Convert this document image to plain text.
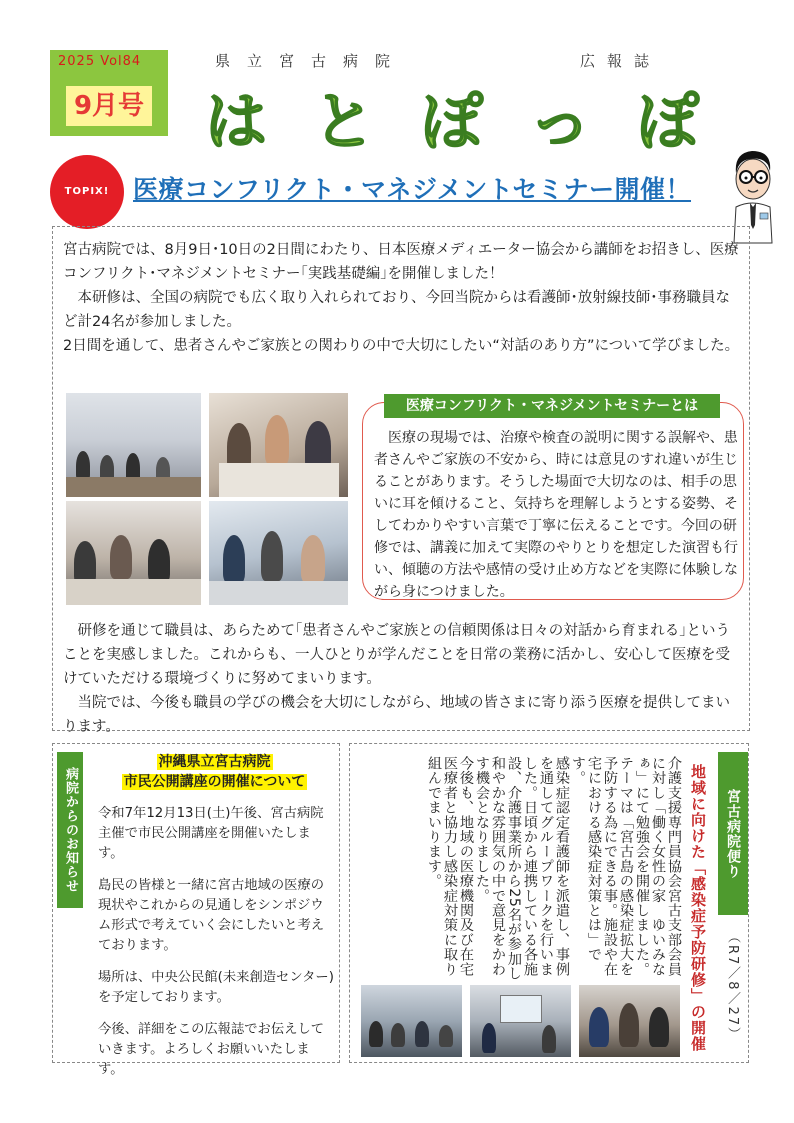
2025 Vol84
9月号
県立宮古病院	広報誌
はとぽっぽ
TOPIX! 医療コンフリクト・マネジメントセミナー開催！

宮古病院では、8月9日･10日の2日間にわたり、日本医療メディエーター協会から講師をお招きし、医療コンフリクト･マネジメントセミナー｢実践基礎編｣を開催しました！

　本研修は、全国の病院でも広く取り入れられており、今回当院からは看護師･放射線技師･事務職員など計24名が参加しました。

2日間を通して、患者さんやご家族との関わりの中で大切にしたい“対話のあり方”について学びました。

医療コンフリクト・マネジメントセミナーとは
医療の現場では、治療や検査の説明に関する誤解や、患者さんやご家族の不安から、時には意見のすれ違いが生じることがあります。そうした場面で大切なのは、相手の思いに耳を傾けること、気持ちを理解しようとする姿勢、そしてわかりやすい言葉で丁寧に伝えることです。今回の研修では、講義に加えて実際のやりとりを想定した演習も行い、傾聴の方法や感情の受け止め方などを実際に体験しながら身につけました。

　研修を通じて職員は、あらためて｢患者さんやご家族との信頼関係は日々の対話から育まれる｣ということを実感しました。これからも、一人ひとりが学んだことを日常の業務に活かし、安心して医療を受けていただける環境づくりに努めてまいります。

　当院では、今後も職員の学びの機会を大切にしながら、地域の皆さまに寄り添う医療を提供してまいります。

病院からのお知らせ
沖縄県立宮古病院
市民公開講座の開催について

令和7年12月13日(土)午後、宮古病院主催で市民公開講座を開催いたします。

島民の皆様と一緒に宮古地域の医療の現状やこれからの見通しをシンポジウム形式で考えていく会にしたいと考えております。

場所は、中央公民館(未来創造センター)を予定しております。

今後、詳細をこの広報誌でお伝えしていきます。よろしくお願いいたします。

宮古病院便り
地域に向けた「感染症予防研修」の開催 （R7／8／27）

介護支援専門員協会宮古支部会員に対し「働く女性の家　ゆいみなぁ」にて勉強会を開催しました。

テーマは「宮古島の感染症拡大を予防する為にできる事。施設や在宅における感染症対策とは」です。

感染症認定看護師を派遣し、事例を通してグループワークを行いました。日頃から連携している各施設、介護事業所から25名が参加し和やかな雰囲気の中で意見をかわす機会となりました。

今後も、地域の医療機関及び在宅医療者と協力し感染症対策に取り組んでまいります。
